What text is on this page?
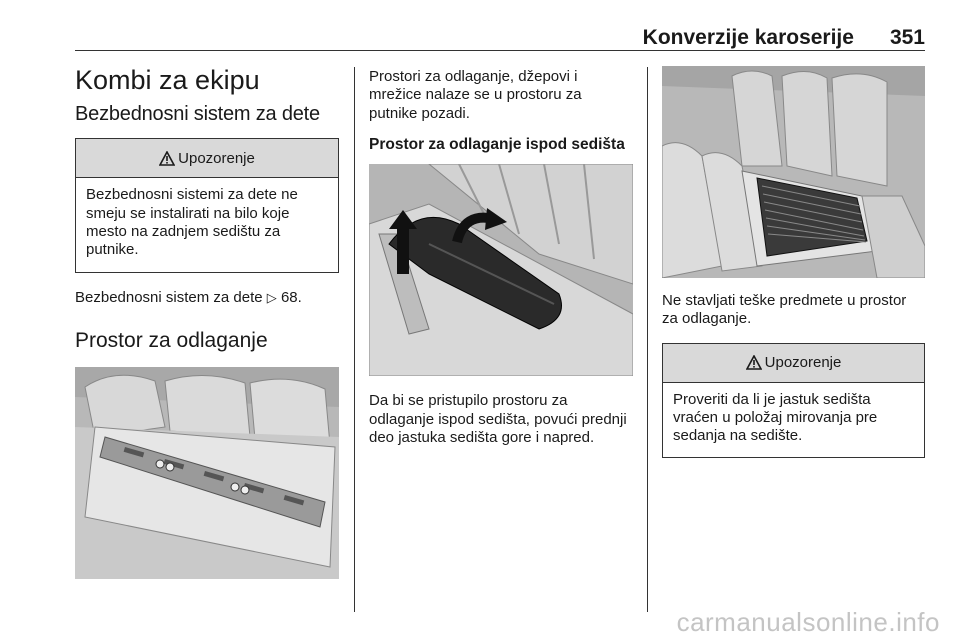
Konverzije karoserije 351
Kombi za ekipu
Bezbednosni sistem za dete
Upozorenje
Bezbednosni sistemi za dete ne smeju se instalirati na bilo koje mesto na zadnjem sedištu za putnike.

Bezbednosni sistem za dete ▷ 68.

Prostor za odlaganje

Prostori za odlaganje, džepovi i mrežice nalaze se u prostoru za putnike pozadi.

Prostor za odlaganje ispod sedišta

Da bi se pristupilo prostoru za odlaganje ispod sedišta, povući prednji deo jastuka sedišta gore i napred.

Ne stavljati teške predmete u prostor za odlaganje.

Upozorenje
Proveriti da li je jastuk sedišta vraćen u položaj mirovanja pre sedanja na sedište.
carmanualsonline.info
